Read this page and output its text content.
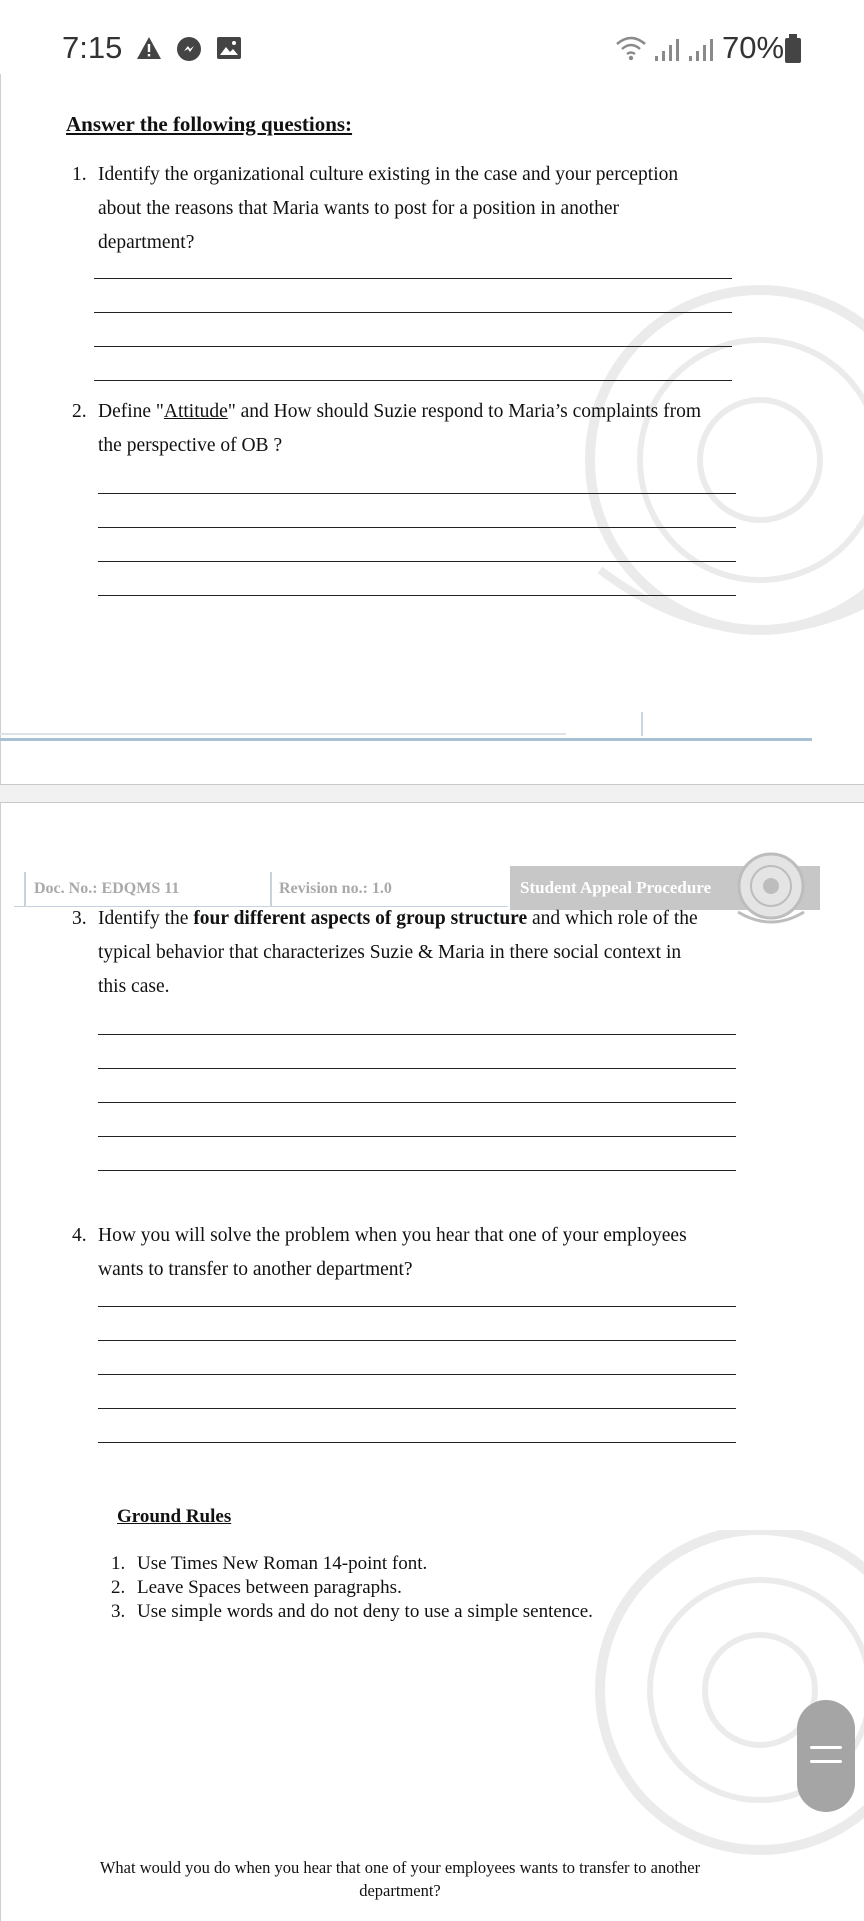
7:15	70%
Answer the following questions:
1. Identify the organizational culture existing in the case and your perception
about the reasons that Maria wants to post for a position in another
department?
2. Define "Attitude" and How should Suzie respond to Maria’s complaints from
the perspective of OB ?
Doc. No.: EDQMS 11	Revision no.: 1.0	Student Appeal Procedure
3. Identify the four different aspects of group structure and which role of the
typical behavior that characterizes Suzie & Maria in there social context in
this case.
4. How you will solve the problem when you hear that one of your employees
wants to transfer to another department?
Ground Rules
1. Use Times New Roman 14-point font.
2. Leave Spaces between paragraphs.
3. Use simple words and do not deny to use a simple sentence.
What would you do when you hear that one of your employees wants to transfer to another
department?
